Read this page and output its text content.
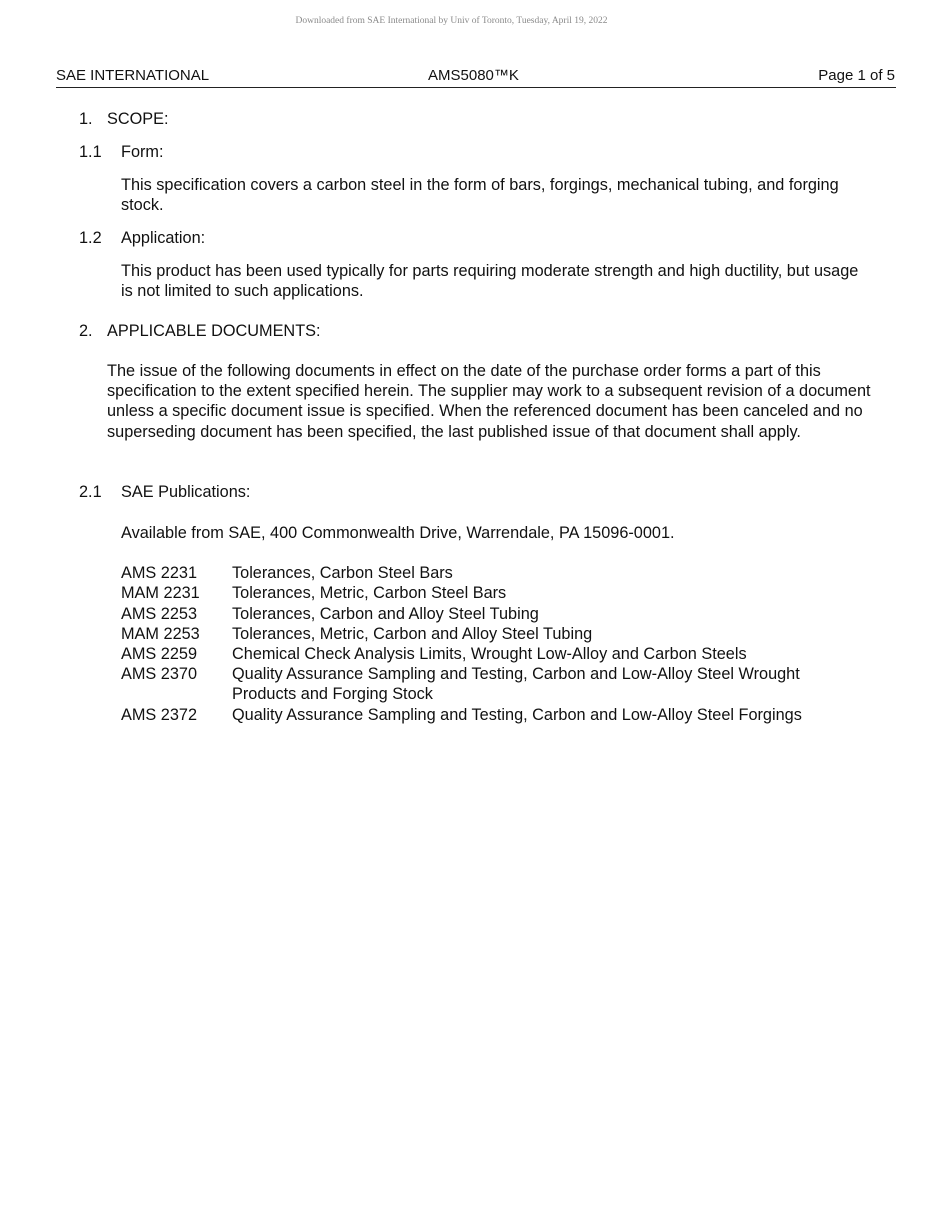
Downloaded from SAE International by Univ of Toronto, Tuesday, April 19, 2022
SAE INTERNATIONAL	AMS5080™K	Page 1 of 5
1. SCOPE:
1.1 Form:
This specification covers a carbon steel in the form of bars, forgings, mechanical tubing, and forging stock.
1.2 Application:
This product has been used typically for parts requiring moderate strength and high ductility, but usage is not limited to such applications.
2. APPLICABLE DOCUMENTS:
The issue of the following documents in effect on the date of the purchase order forms a part of this specification to the extent specified herein. The supplier may work to a subsequent revision of a document unless a specific document issue is specified. When the referenced document has been canceled and no superseding document has been specified, the last published issue of that document shall apply.
2.1 SAE Publications:
Available from SAE, 400 Commonwealth Drive, Warrendale, PA 15096-0001.
AMS 2231 Tolerances, Carbon Steel Bars
MAM 2231 Tolerances, Metric, Carbon Steel Bars
AMS 2253 Tolerances, Carbon and Alloy Steel Tubing
MAM 2253 Tolerances, Metric, Carbon and Alloy Steel Tubing
AMS 2259 Chemical Check Analysis Limits, Wrought Low-Alloy and Carbon Steels
AMS 2370 Quality Assurance Sampling and Testing, Carbon and Low-Alloy Steel Wrought Products and Forging Stock
AMS 2372 Quality Assurance Sampling and Testing, Carbon and Low-Alloy Steel Forgings
